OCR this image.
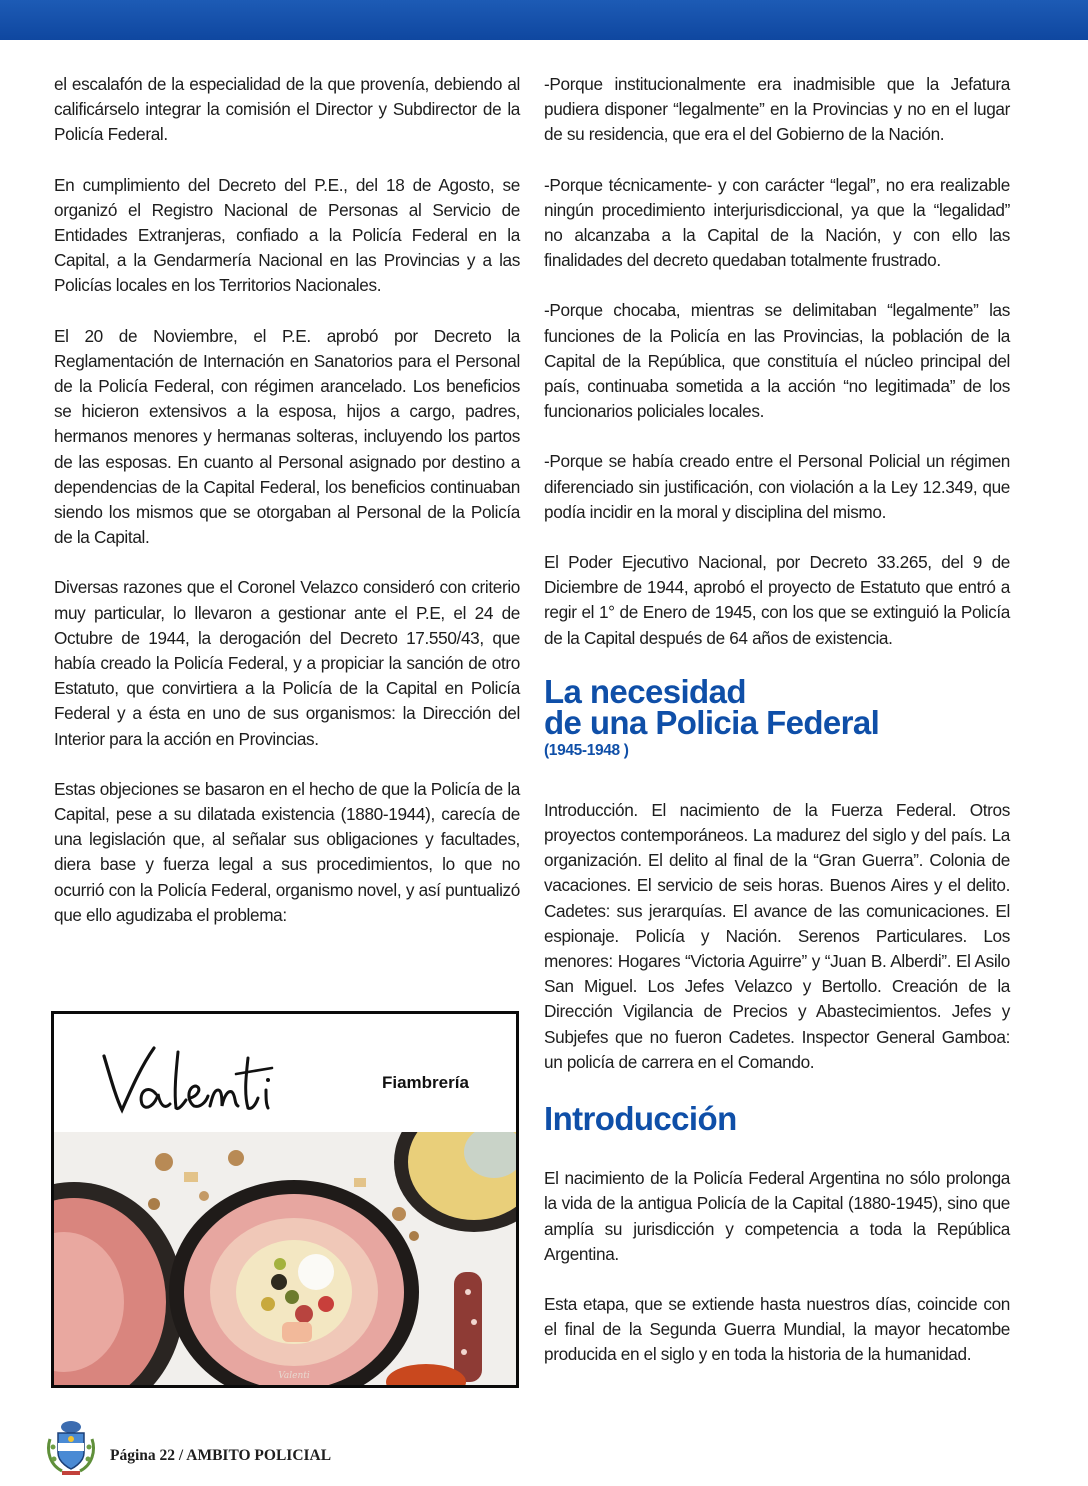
el escalafón de la especialidad de la que provenía, debiendo al calificárselo integrar la comisión el Director y Subdirector de la Policía Federal.

En cumplimiento del Decreto del P.E., del 18 de Agosto, se organizó el Registro Nacional de Personas al Servicio de Entidades Extranjeras, confiado a la Policía Federal en la Capital, a la Gendarmería Nacional en las Provincias y a las Policías locales en los Territorios Nacionales.

El 20 de Noviembre, el P.E. aprobó por Decreto la Reglamentación de Internación en Sanatorios para el Personal de la Policía Federal, con régimen arancelado. Los beneficios se hicieron extensivos a la esposa, hijos a cargo, padres, hermanos menores y hermanas solteras, incluyendo los partos de las esposas. En cuanto al Personal asignado por destino a dependencias de la Capital Federal, los beneficios continuaban siendo los mismos que se otorgaban al Personal de la Policía de la Capital.

Diversas razones que el Coronel Velazco consideró con criterio muy particular, lo llevaron a gestionar ante el P.E, el 24 de Octubre de 1944, la derogación del Decreto 17.550/43, que había creado la Policía Federal, y a propiciar la sanción de otro Estatuto, que convirtiera a la Policía de la Capital en Policía Federal y a ésta en uno de sus organismos: la Dirección del Interior para la acción en Provincias.

Estas objeciones se basaron en el hecho de que la Policía de la Capital, pese a su dilatada existencia (1880-1944), carecía de una legislación que, al señalar sus obligaciones y facultades, diera base y fuerza legal a sus procedimientos, lo que no ocurrió con la Policía Federal, organismo novel, y así puntualizó que ello agudizaba el problema:

-Porque institucionalmente era inadmisible que la Jefatura pudiera disponer “legalmente” en la Provincias y no en el lugar de su residencia, que era el del Gobierno de la Nación.

-Porque técnicamente- y con carácter “legal”, no era realizable ningún procedimiento interjurisdiccional, ya que la “legalidad” no alcanzaba a la Capital de la Nación, y con ello las finalidades del decreto quedaban totalmente frustrado.

-Porque chocaba, mientras se delimitaban “legalmente” las funciones de la Policía en las Provincias, la población de la Capital de la República, que constituía el núcleo principal del país, continuaba sometida a la acción “no legitimada” de los funcionarios policiales locales.

-Porque se había creado entre el Personal Policial un régimen diferenciado sin justificación, con violación a la Ley 12.349, que podía incidir en la moral y disciplina del mismo.

El Poder Ejecutivo Nacional, por Decreto 33.265, del 9 de Diciembre de 1944, aprobó el proyecto de Estatuto que entró a regir el 1° de Enero de 1945, con los que se extinguió la Policía de la Capital después de 64 años de existencia.

La necesidad
de una Policia Federal
(1945-1948 )

Introducción. El nacimiento de la Fuerza Federal. Otros proyectos contemporáneos. La madurez del siglo y del país. La organización. El delito al final de la “Gran Guerra”. Colonia de vacaciones. El servicio de seis horas. Buenos Aires y el delito. Cadetes: sus jerarquías. El avance de las comunicaciones. El espionaje. Policía y Nación. Serenos Particulares. Los menores: Hogares “Victoria Aguirre” y “Juan B. Alberdi”. El Asilo San Miguel. Los Jefes Velazco y Bertollo. Creación de la Dirección Vigilancia de Precios y Abastecimientos. Jefes y Subjefes que no fueron Cadetes. Inspector General Gamboa: un policía de carrera en el Comando.

Introducción

El nacimiento de la Policía Federal Argentina no sólo prolonga la vida de la antigua Policía de la Capital (1880-1945), sino que amplía su jurisdicción y competencia a toda la República Argentina.

Esta etapa, que se extiende hasta nuestros días, coincide con el final de la Segunda Guerra Mundial, la mayor hecatombe producida en el siglo y en toda la historia de la humanidad.

Fiambrería
Valenti
Página 22 / AMBITO POLICIAL
